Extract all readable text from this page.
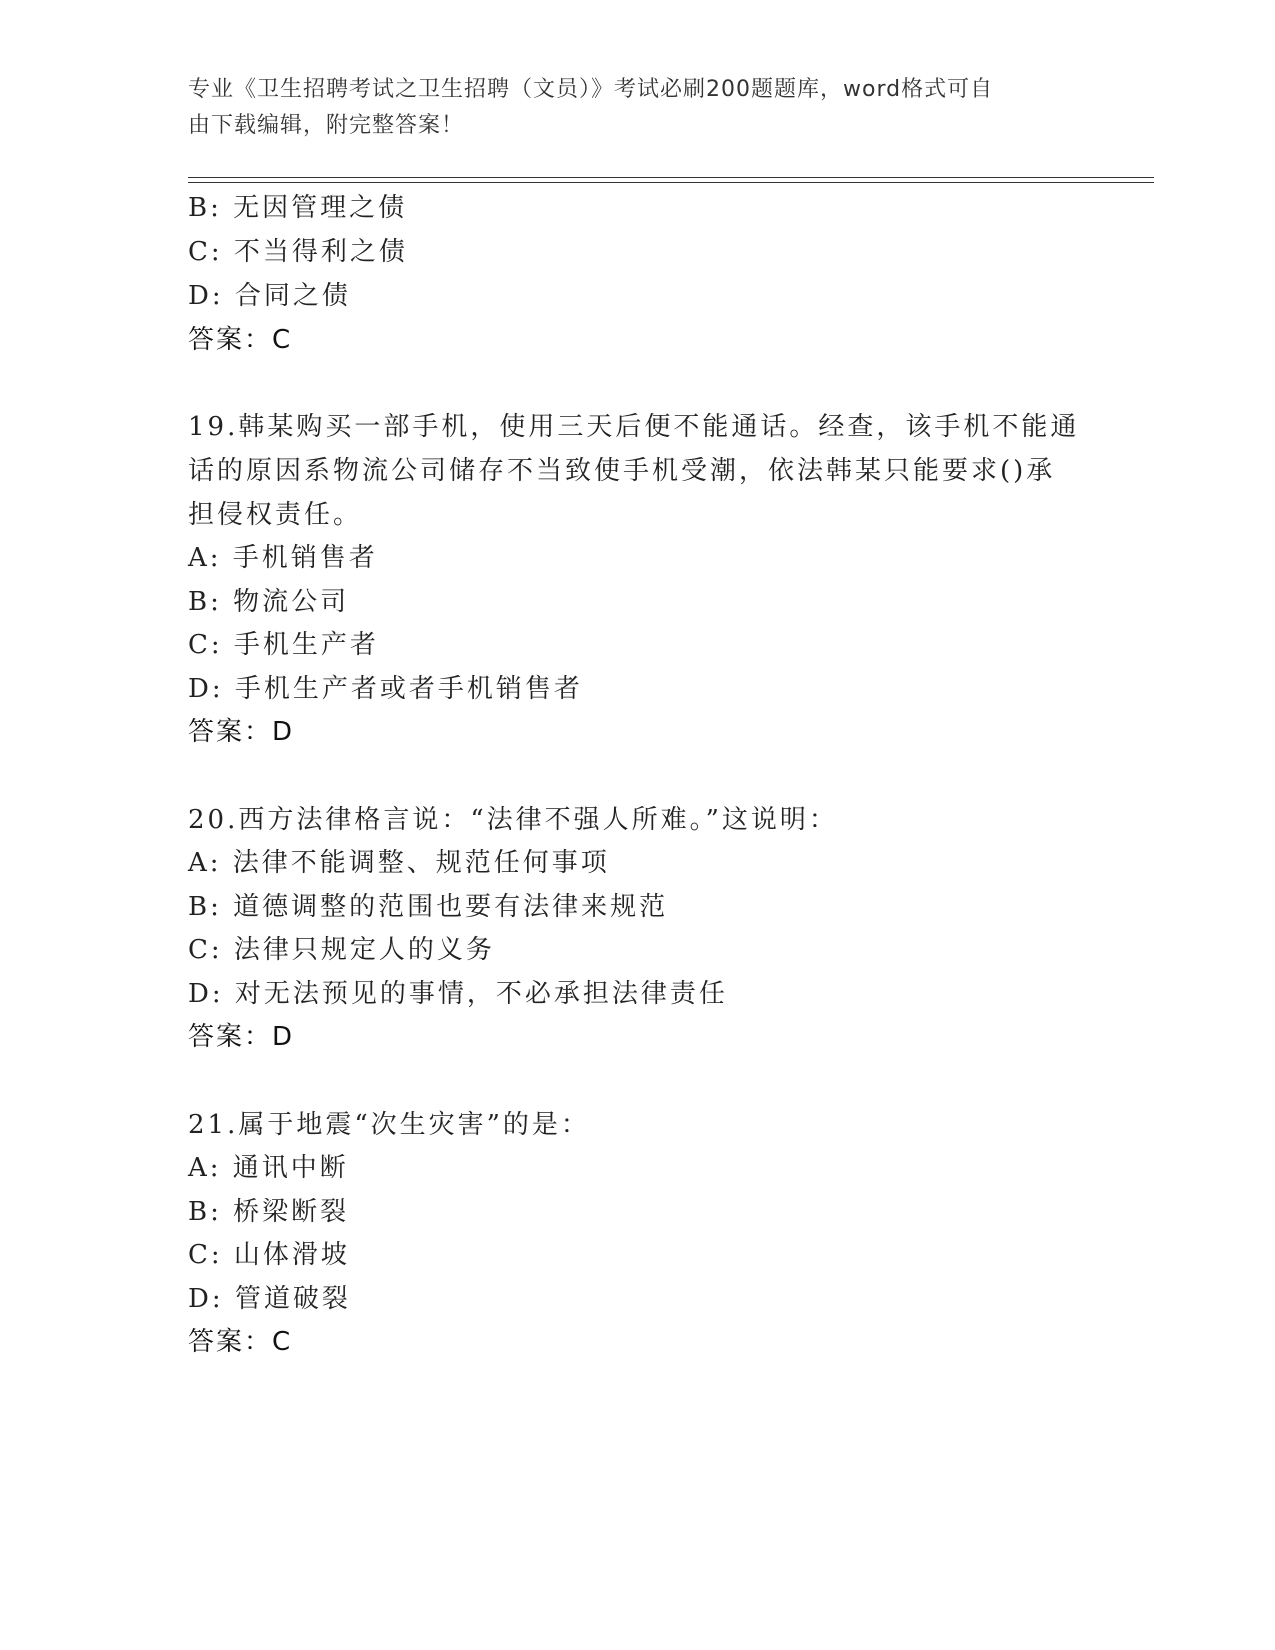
专业《卫生招聘考试之卫生招聘（文员）》考试必刷200题题库，word格式可自
由下载编辑，附完整答案！
B: 无因管理之债
C: 不当得利之债
D: 合同之债
答案：C
19.韩某购买一部手机，使用三天后便不能通话。经查，该手机不能通
话的原因系物流公司储存不当致使手机受潮，依法韩某只能要求()承
担侵权责任。
A: 手机销售者
B: 物流公司
C: 手机生产者
D: 手机生产者或者手机销售者
答案：D
20.西方法律格言说：“法律不强人所难。”这说明：
A: 法律不能调整、规范任何事项
B: 道德调整的范围也要有法律来规范
C: 法律只规定人的义务
D: 对无法预见的事情，不必承担法律责任
答案：D
21.属于地震“次生灾害”的是：
A: 通讯中断
B: 桥梁断裂
C: 山体滑坡
D: 管道破裂
答案：C
